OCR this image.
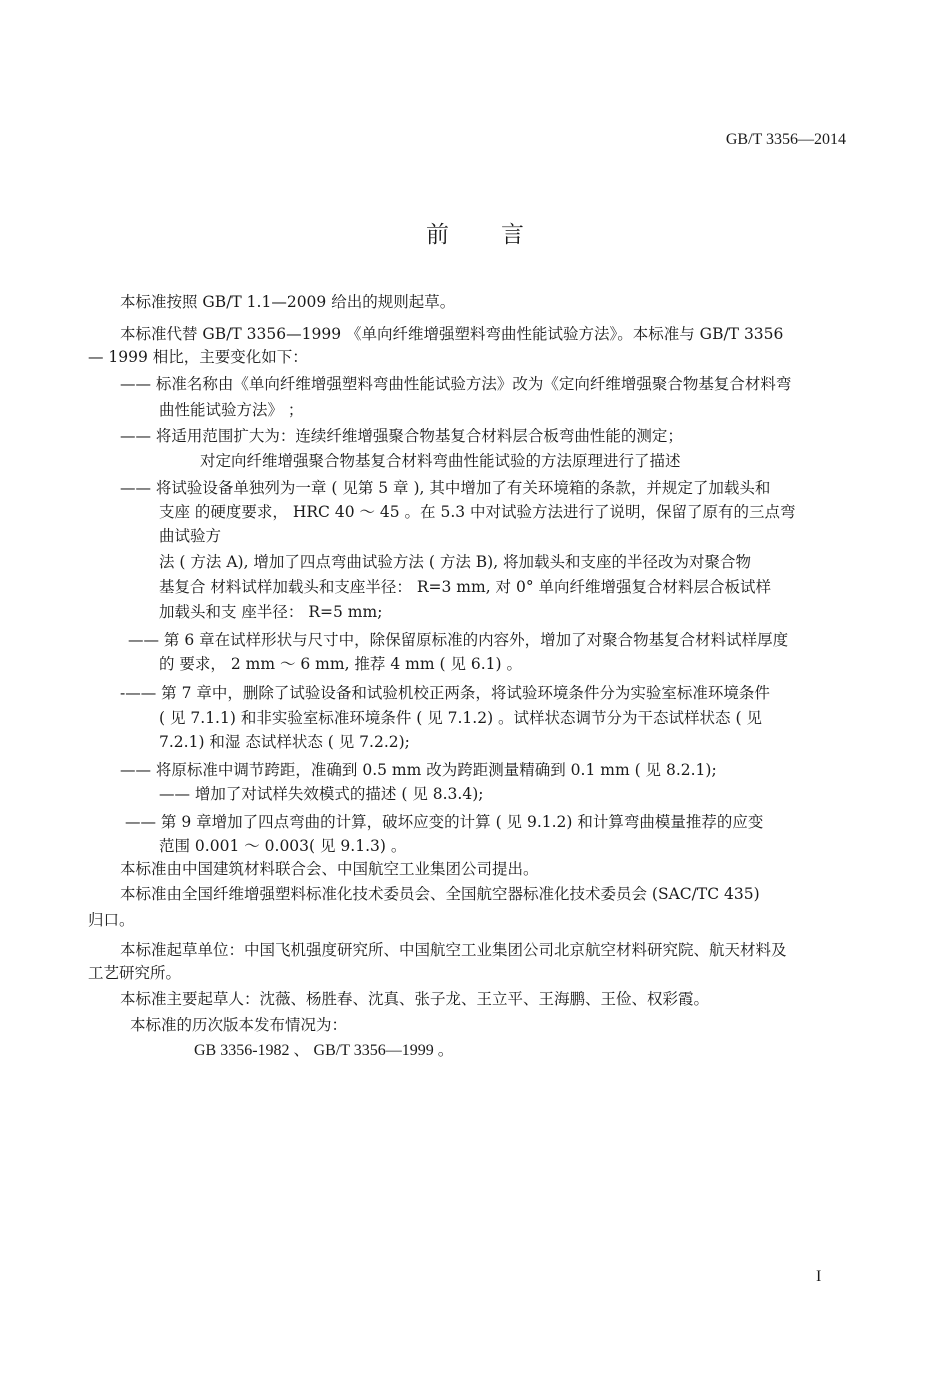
GB/T 3356—2014
前言
本标准按照 GB/T 1.1—2009 给出的规则起草。
本标准代替 GB/T 3356—1999 《单向纤维增强塑料弯曲性能试验方法》。本标准与 GB/T 3356
— 1999 相比，主要变化如下：
—— 标准名称由《单向纤维增强塑料弯曲性能试验方法》改为《定向纤维增强聚合物基复合材料弯
曲性能试验方法》 ；
—— 将适用范围扩大为：连续纤维增强聚合物基复合材料层合板弯曲性能的测定；
对定向纤维增强聚合物基复合材料弯曲性能试验的方法原理进行了描述
—— 将试验设备单独列为一章 ( 见第 5 章 ), 其中增加了有关环境箱的条款，并规定了加载头和
支座 的硬度要求， HRC 40 ～ 45 。在 5.3 中对试验方法进行了说明，保留了原有的三点弯
曲试验方
法 ( 方法 A), 增加了四点弯曲试验方法 ( 方法 B), 将加载头和支座的半径改为对聚合物
基复合 材料试样加载头和支座半径： R=3 mm, 对 0° 单向纤维增强复合材料层合板试样
加载头和支 座半径： R=5 mm;
—— 第 6 章在试样形状与尺寸中，除保留原标准的内容外，增加了对聚合物基复合材料试样厚度
的 要求， 2 mm ～ 6 mm, 推荐 4 mm ( 见 6.1) 。
-—— 第 7 章中，删除了试验设备和试验机校正两条，将试验环境条件分为实验室标准环境条件
( 见 7.1.1) 和非实验室标准环境条件 ( 见 7.1.2) 。试样状态调节分为干态试样状态 ( 见
7.2.1) 和湿 态试样状态 ( 见 7.2.2);
—— 将原标准中调节跨距，准确到 0.5 mm 改为跨距测量精确到 0.1 mm ( 见 8.2.1);
—— 增加了对试样失效模式的描述 ( 见 8.3.4);
—— 第 9 章增加了四点弯曲的计算，破坏应变的计算 ( 见 9.1.2) 和计算弯曲模量推荐的应变
范围 0.001 ～ 0.003( 见 9.1.3) 。
本标准由中国建筑材料联合会、中国航空工业集团公司提出。
本标准由全国纤维增强塑料标准化技术委员会、全国航空器标准化技术委员会 (SAC/TC 435)
归口。
本标准起草单位：中国飞机强度研究所、中国航空工业集团公司北京航空材料研究院、航天材料及
工艺研究所。
本标准主要起草人：沈薇、杨胜春、沈真、张子龙、王立平、王海鹏、王俭、权彩霞。
本标准的历次版本发布情况为：
GB 3356-1982 、 GB/T 3356—1999 。
I
